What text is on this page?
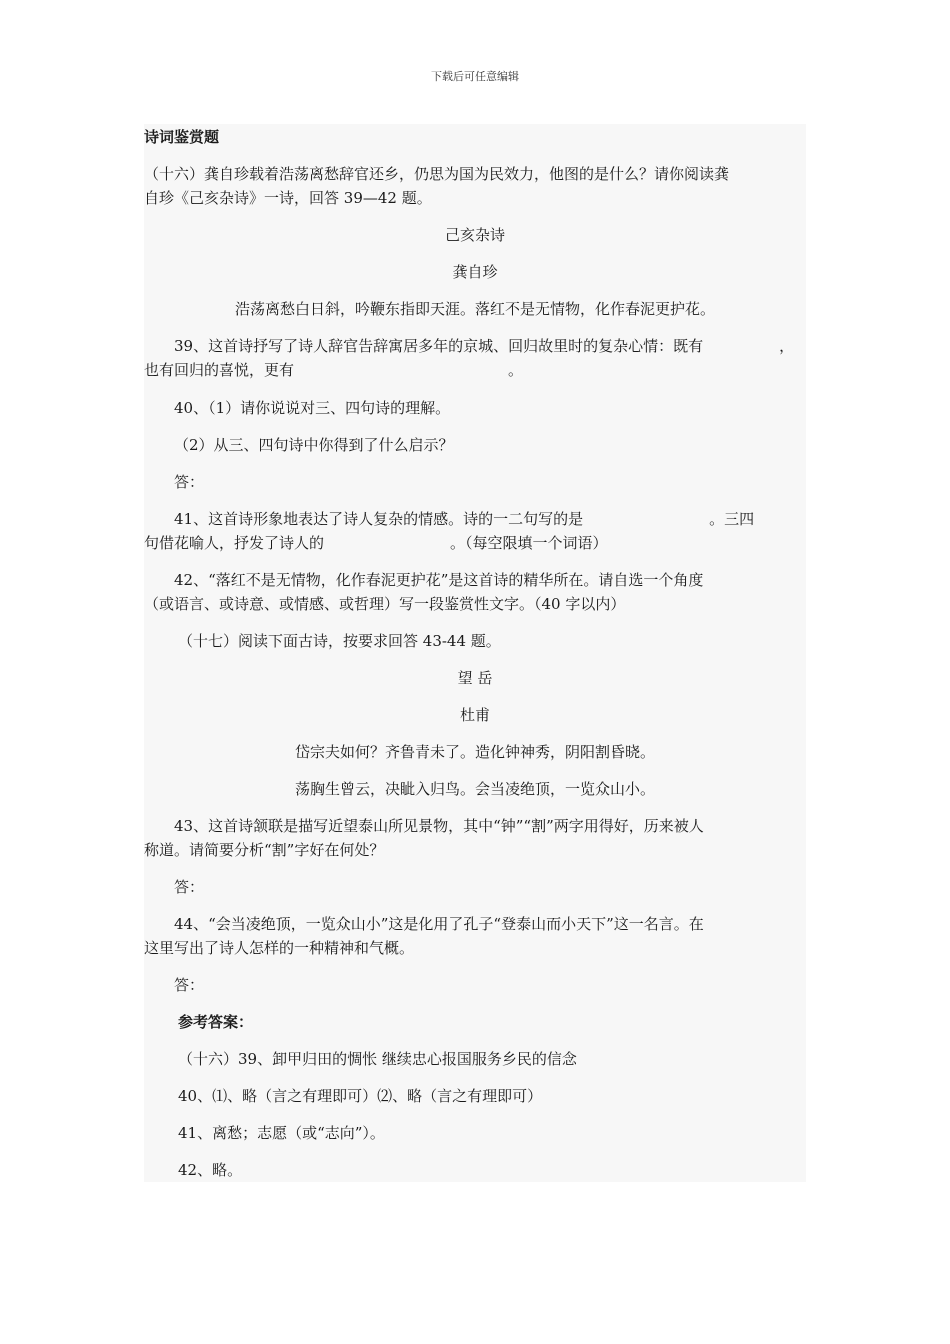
下载后可任意编辑
诗词鉴赏题
（十六）龚自珍载着浩荡离愁辞官还乡，仍思为国为民效力，他图的是什么？请你阅读龚
自珍《己亥杂诗》一诗，回答 39—42 题。
己亥杂诗
龚自珍
浩荡离愁白日斜，吟鞭东指即天涯。落红不是无情物，化作春泥更护花。
39、这首诗抒写了诗人辞官告辞寓居多年的京城、回归故里时的复杂心情：既有	，
也有回归的喜悦，更有	。
40、（1）请你说说对三、四句诗的理解。
（2）从三、四句诗中你得到了什么启示？
答：
41、这首诗形象地表达了诗人复杂的情感。诗的一二句写的是	。三四
句借花喻人，抒发了诗人的	。（每空限填一个词语）
42、“落红不是无情物，化作春泥更护花”是这首诗的精华所在。请自选一个角度
（或语言、或诗意、或情感、或哲理）写一段鉴赏性文字。（40 字以内）
（十七）阅读下面古诗，按要求回答 43-44 题。
望 岳
杜甫
岱宗夫如何？齐鲁青未了。造化钟神秀，阴阳割昏晓。
荡胸生曾云，决眦入归鸟。会当凌绝顶，一览众山小。
43、这首诗颔联是描写近望泰山所见景物，其中“钟”“割”两字用得好，历来被人
称道。请简要分析“割”字好在何处？
答：
44、“会当凌绝顶，一览众山小”这是化用了孔子“登泰山而小天下”这一名言。在
这里写出了诗人怎样的一种精神和气概。
答：
参考答案：
（十六）39、卸甲归田的惆怅 继续忠心报国服务乡民的信念
40、⑴、略（言之有理即可）⑵、略（言之有理即可）
41、离愁；志愿（或“志向”）。
42、略。
